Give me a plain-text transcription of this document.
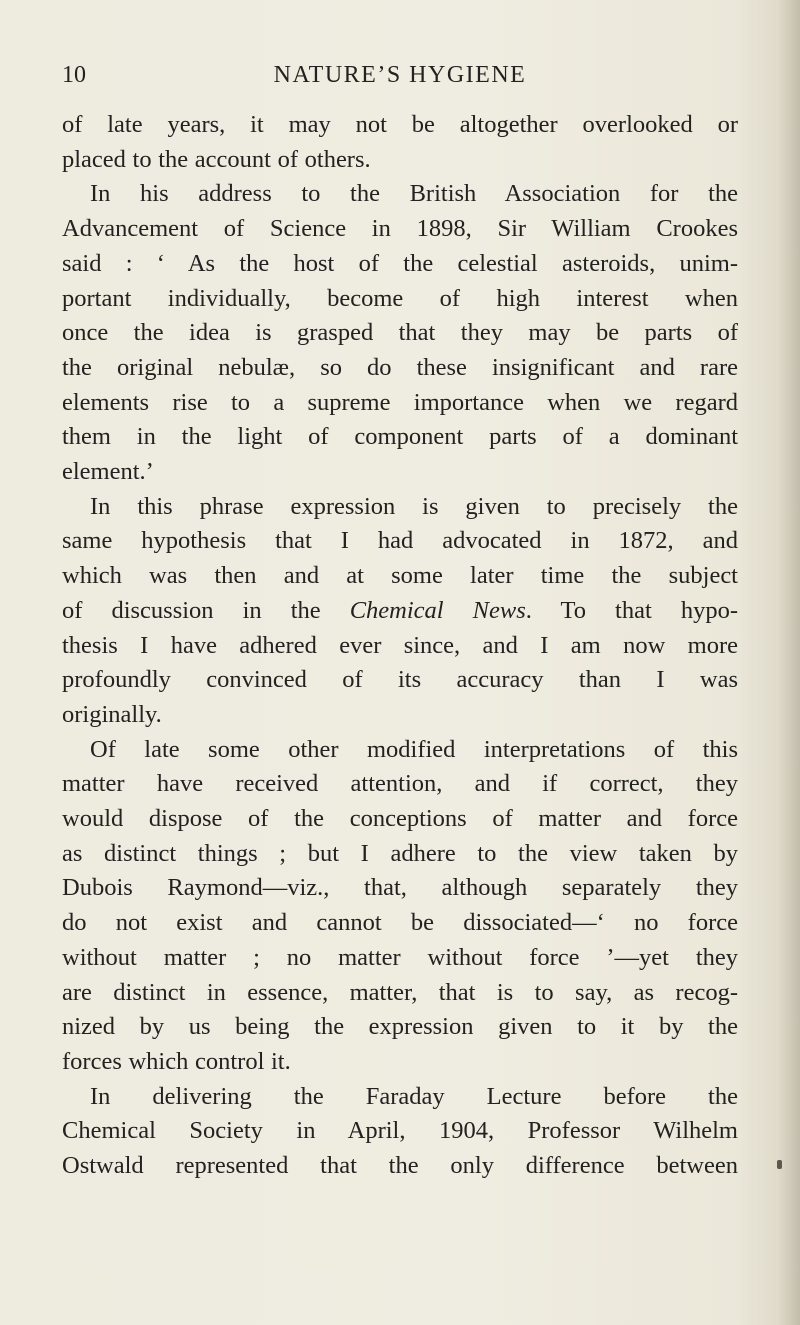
10	NATURE’S HYGIENE

of late years, it may not be altogether overlooked or
placed to the account of others.

In his address to the British Association for the
Advancement of Science in 1898, Sir William Crookes
said : ‘ As the host of the celestial asteroids, unim-
portant individually, become of high interest when
once the idea is grasped that they may be parts of
the original nebulæ, so do these insignificant and rare
elements rise to a supreme importance when we regard
them in the light of component parts of a dominant
element.’

In this phrase expression is given to precisely the
same hypothesis that I had advocated in 1872, and
which was then and at some later time the subject
of discussion in the Chemical News. To that hypo-
thesis I have adhered ever since, and I am now more
profoundly convinced of its accuracy than I was
originally.

Of late some other modified interpretations of this
matter have received attention, and if correct, they
would dispose of the conceptions of matter and force
as distinct things ; but I adhere to the view taken by
Dubois Raymond—viz., that, although separately they
do not exist and cannot be dissociated—‘ no force
without matter ; no matter without force ’—yet they
are distinct in essence, matter, that is to say, as recog-
nized by us being the expression given to it by the
forces which control it.

In delivering the Faraday Lecture before the
Chemical Society in April, 1904, Professor Wilhelm
Ostwald represented that the only difference between
